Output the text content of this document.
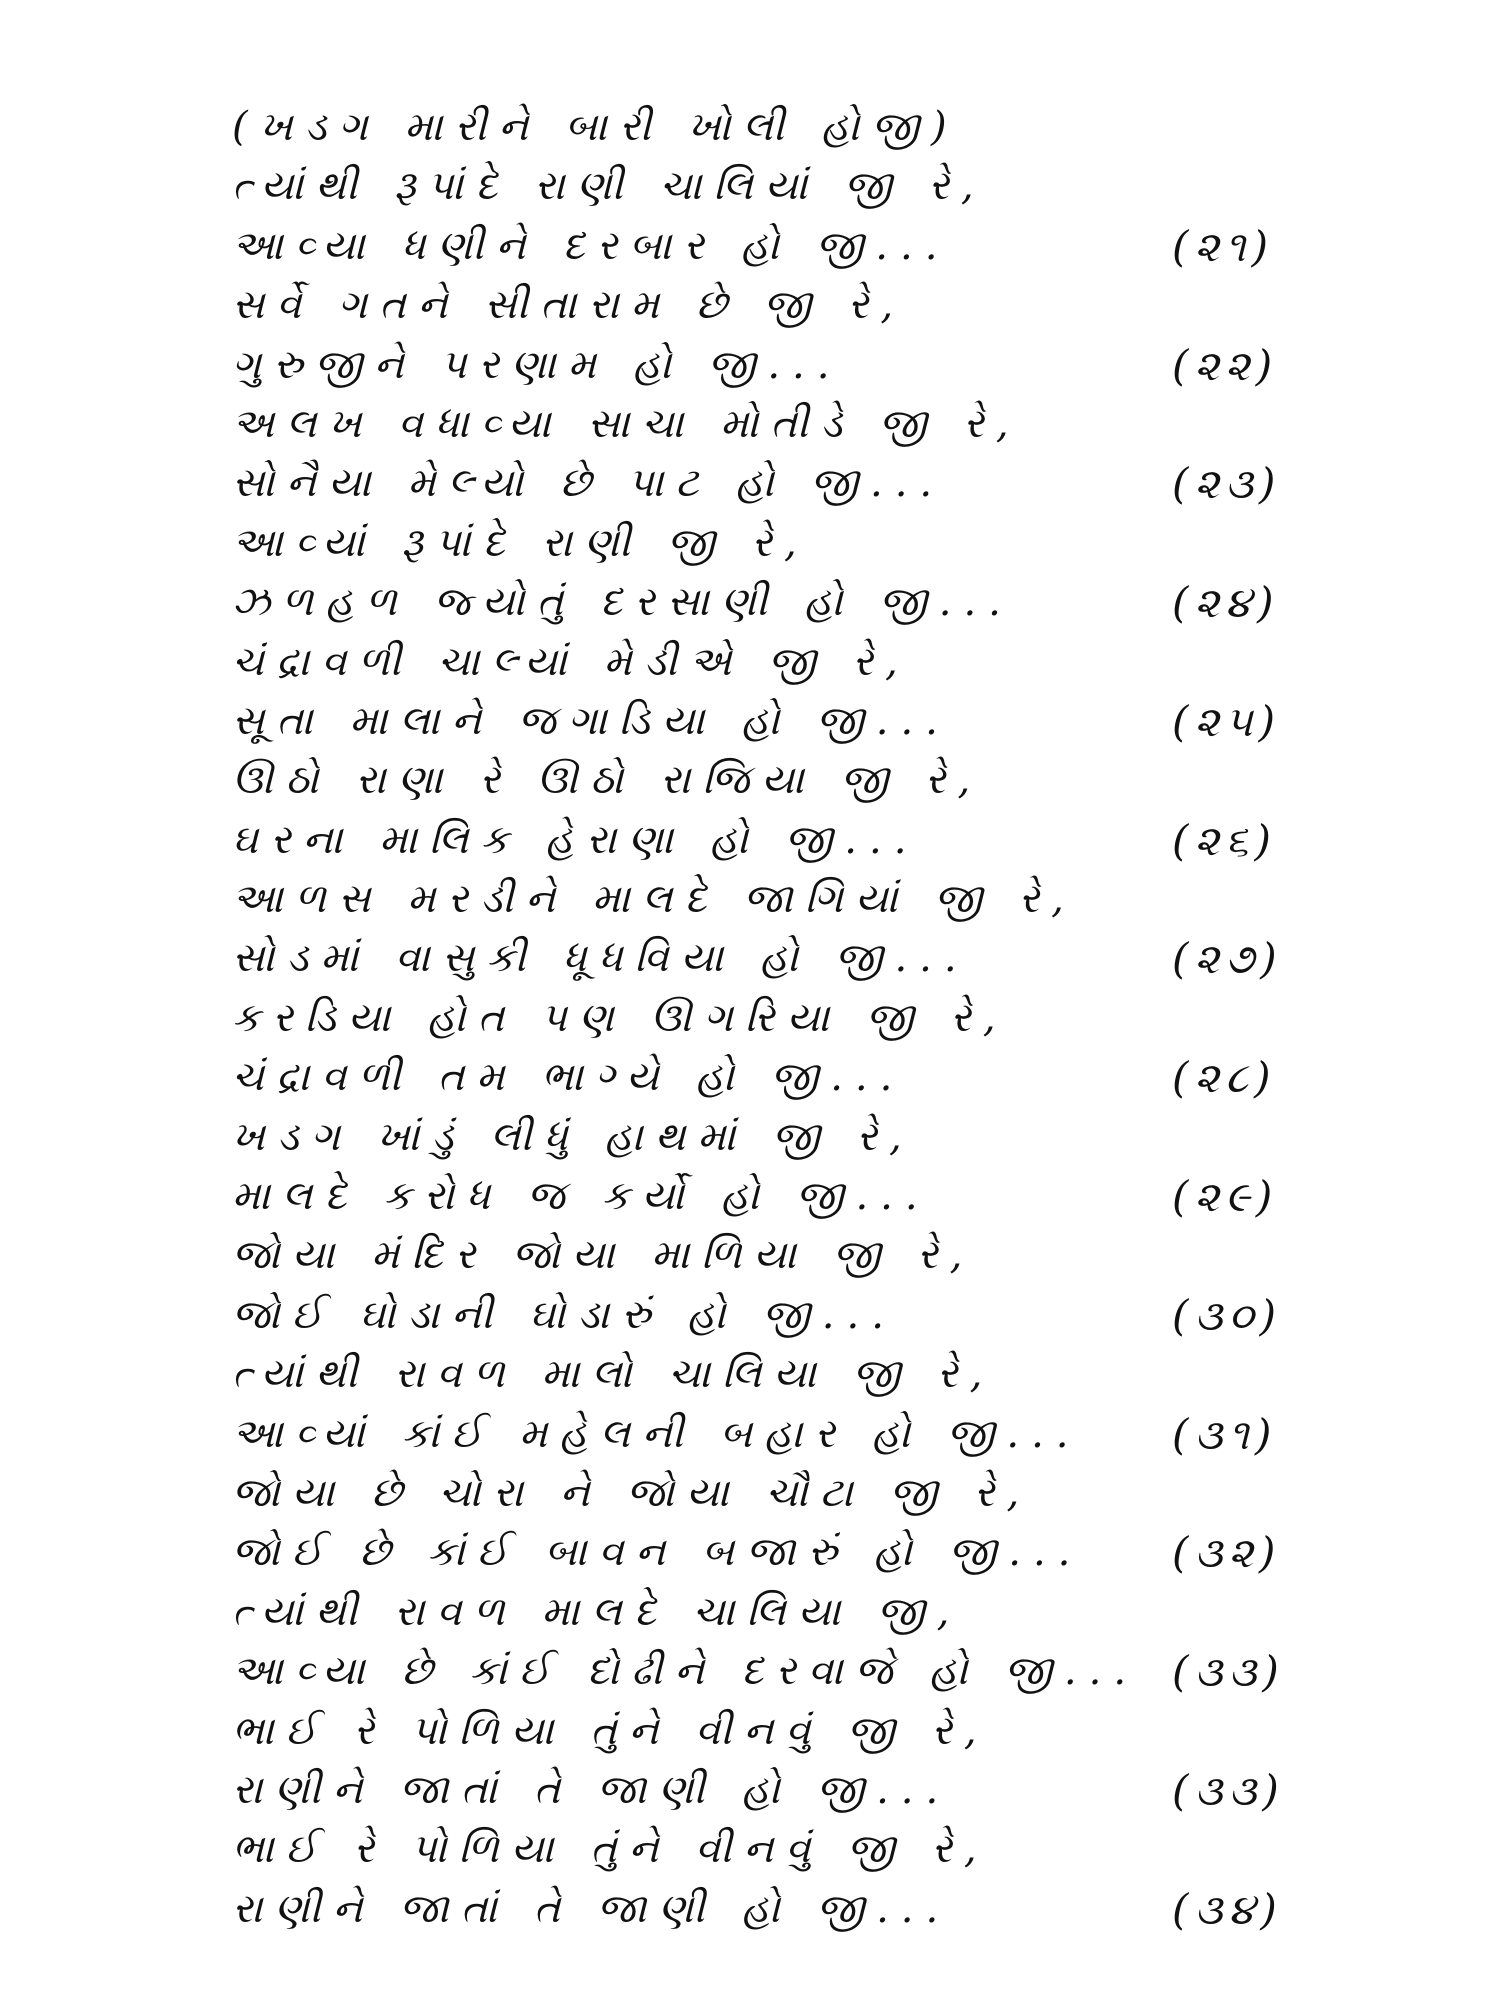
(ખડગ મારીને બારી ખોલી હોજી)
ત્યાંથી રૂપાંદે રાણી ચાલિયાં જી રે,
આવ્યા ધણીને દરબાર હો જી...	(૨૧)
સર્વે ગતને સીતારામ છે જી રે,
ગુરુજીને પરણામ હો જી...	(૨૨)
અલખ વધાવ્યા સાચા મોતીડે જી રે,
સોનૈયા મેલ્યો છે પાટ હો જી...	(૨૩)
આવ્યાં રૂપાંદે રાણી જી રે,
ઝળહળ જ્યોતું દરસાણી હો જી...	(૨૪)
ચંદ્રાવળી ચાલ્યાં મેડીએ જી રે,
સૂતા માલાને જગાડિયા હો જી...	(૨૫)
ઊઠો રાણા રે ઊઠો રાજિયા જી રે,
ઘરના માલિક હેરાણા હો જી...	(૨૬)
આળસ મરડીને માલદે જાગિયાં જી રે,
સોડમાં વાસુકી ધૂધવિયા હો જી...	(૨૭)
કરડિયા હોત પણ ઊગરિયા જી રે,
ચંદ્રાવળી તમ ભાગ્યે હો જી...	(૨૮)
ખડગ ખાંડું લીધું હાથમાં જી રે,
માલદે કરોધ જ કર્યો હો જી...	(૨૯)
જોયા મંદિર જોયા માળિયા જી રે,
જોઈ ઘોડાની ઘોડારું હો જી...	(૩૦)
ત્યાંથી રાવળ માલો ચાલિયા જી રે,
આવ્યાં કાંઈ મહેલની બહાર હો જી... (૩૧)
જોયા છે ચોરા ને જોયા ચૌટા જી રે,
જોઈ છે કાંઈ બાવન બજારું હો જી... (૩૨)
ત્યાંથી રાવળ માલદે ચાલિયા જી,
આવ્યા છે કાંઈ દોઢીને દરવાજે હો જી... (૩૩)
ભાઈ રે પોળિયા તુંને વીનવું જી રે,
રાણીને જાતાં તે જાણી હો જી...	(૩૩)
ભાઈ રે પોળિયા તુંને વીનવું જી રે,
રાણીને જાતાં તે જાણી હો જી...	(૩૪)
